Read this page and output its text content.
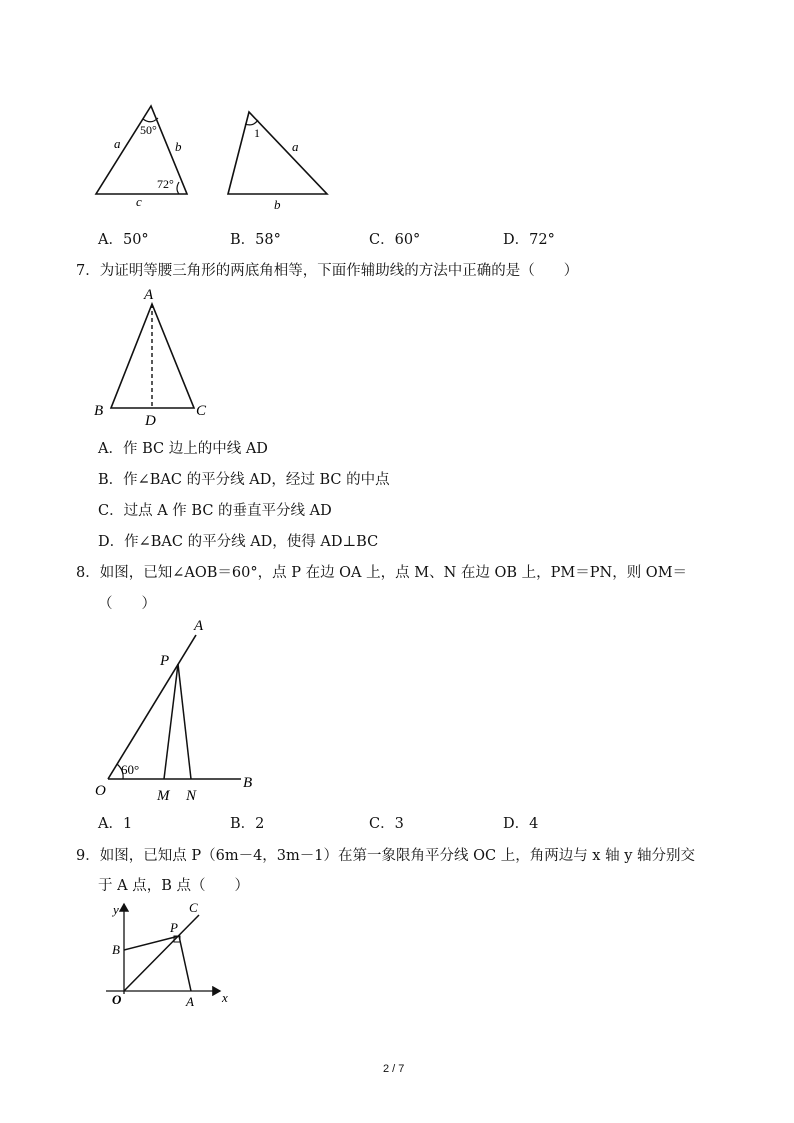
50°
72°
a	b
c
1
a
b
A．50°	B．58°	C．60°	D．72°
7．为证明等腰三角形的两底角相等，下面作辅助线的方法中正确的是（　　）
A
B	C
D
A．作 BC 边上的中线 AD
B．作∠BAC 的平分线 AD，经过 BC 的中点
C．过点 A 作 BC 的垂直平分线 AD
D．作∠BAC 的平分线 AD，使得 AD⊥BC
8．如图，已知∠AOB＝60°，点 P 在边 OA 上，点 M、N 在边 OB 上，PM＝PN，则 OM＝
（　　）
A
P
60°
O	M N
B
A．1	B．2	C．3	D．4
9．如图，已知点 P（6m－4，3m－1）在第一象限角平分线 OC 上，角两边与 x 轴 y 轴分别交
于 A 点，B 点（　　）
y
x
O	A
B
P
C
2 / 7
